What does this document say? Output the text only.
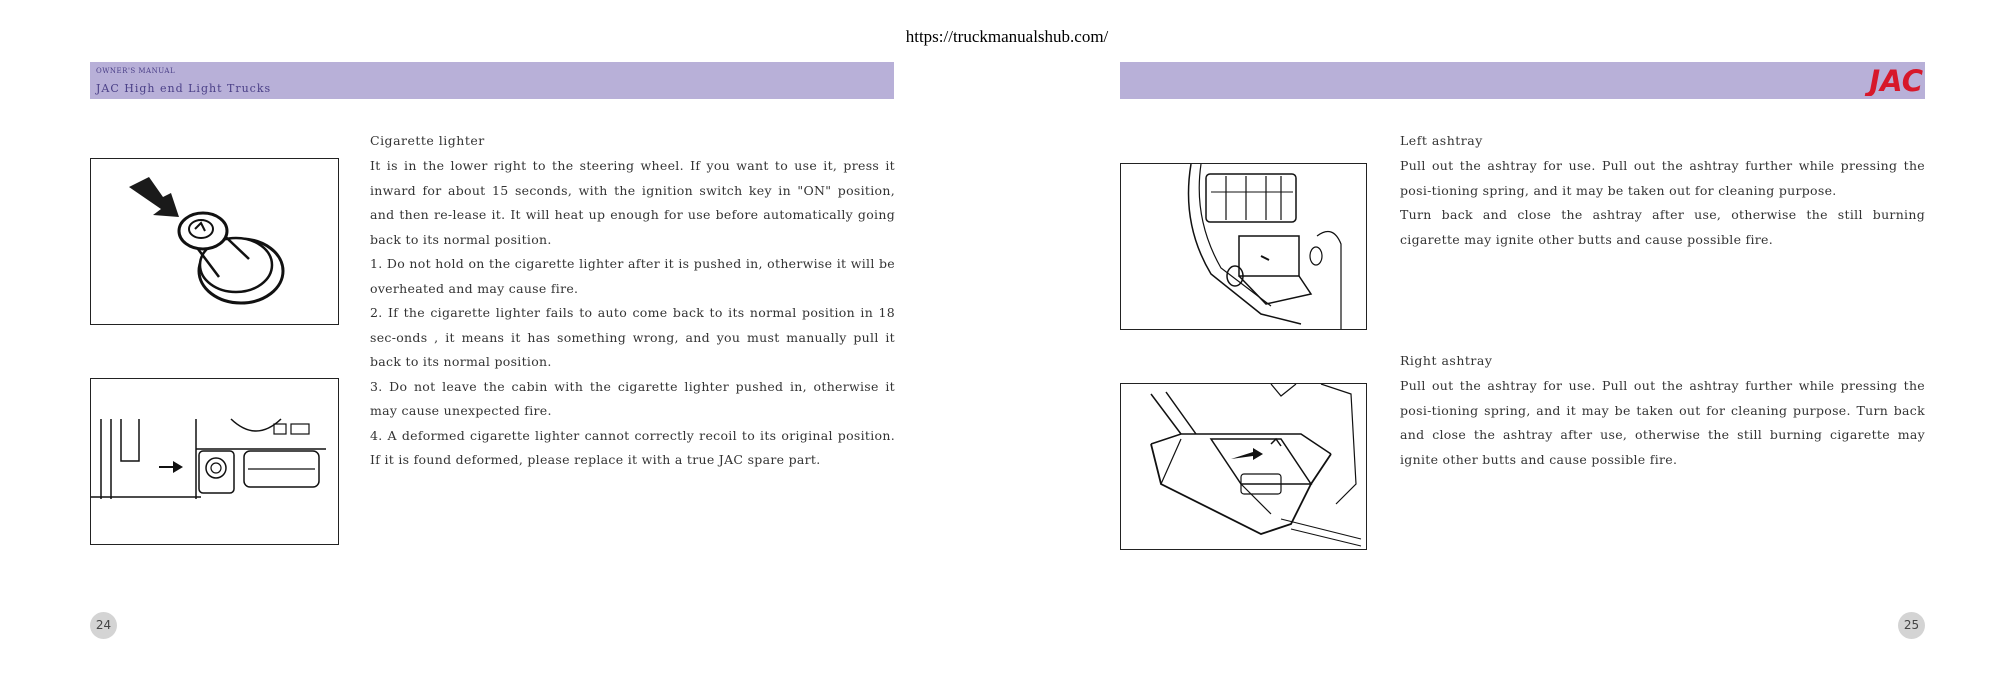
https://truckmanualshub.com/
OWNER'S MANUAL
JAC High end Light Trucks
Cigarette lighter

It is in the lower right to the steering wheel. If you want to use it, press it inward for about 15 seconds, with the ignition switch key in "ON" position, and then re-lease it. It will heat up enough for use before automatically going back to its normal position.

1. Do not hold on the cigarette lighter after it is pushed in, otherwise it will be overheated and may cause fire.

2. If the cigarette lighter fails to auto come back to its normal position in 18 sec-onds , it means it has something wrong, and you must manually pull it back to its normal position.

3. Do not leave the cabin with the cigarette lighter pushed in, otherwise it may cause unexpected fire.

4. A deformed cigarette lighter cannot correctly recoil to its original position. If it is found deformed, please replace it with a true JAC spare part.

24
JAC
Left ashtray

Pull out the ashtray for use. Pull out the ashtray further while pressing the posi-tioning spring, and it may be taken out for cleaning purpose.

Turn back and close the ashtray after use, otherwise the still burning cigarette may ignite other butts and cause possible fire.

Right ashtray

Pull out the ashtray for use. Pull out the ashtray further while pressing the posi-tioning spring, and it may be taken out for cleaning purpose. Turn back and close the ashtray after use, otherwise the still burning cigarette may ignite other butts and cause possible fire.

25
